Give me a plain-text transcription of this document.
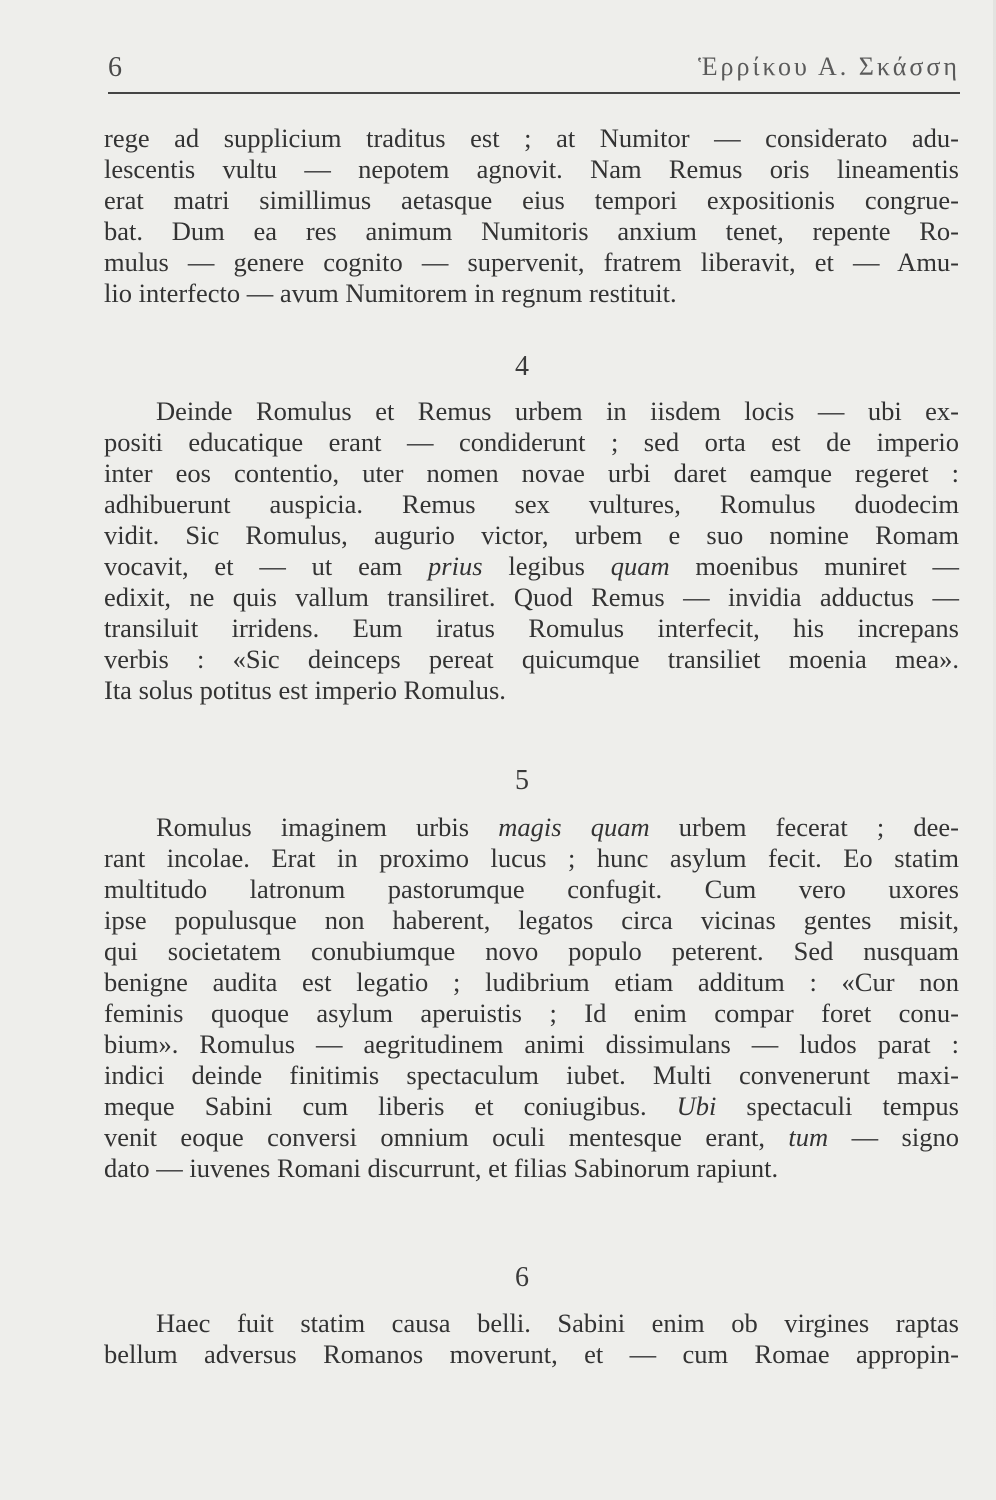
6	Ἑρρίκου Α. Σκάσση
rege ad supplicium traditus est ; at Numitor — considerato adu-
lescentis vultu — nepotem agnovit. Nam Remus oris lineamentis
erat matri simillimus aetasque eius tempori expositionis congrue-
bat. Dum ea res animum Numitoris anxium tenet, repente Ro-
mulus — genere cognito — supervenit, fratrem liberavit, et — Amu-
lio interfecto — avum Numitorem in regnum restituit.
4
Deinde Romulus et Remus urbem in iisdem locis — ubi ex-
positi educatique erant — condiderunt ; sed orta est de imperio
inter eos contentio, uter nomen novae urbi daret eamque regeret :
adhibuerunt auspicia. Remus sex vultures, Romulus duodecim
vidit. Sic Romulus, augurio victor, urbem e suo nomine Romam
vocavit, et — ut eam prius legibus quam moenibus muniret —
edixit, ne quis vallum transiliret. Quod Remus — invidia adductus —
transiluit irridens. Eum iratus Romulus interfecit, his increpans
verbis : «Sic deinceps pereat quicumque transiliet moenia mea».
Ita solus potitus est imperio Romulus.
5
Romulus imaginem urbis magis quam urbem fecerat ; dee-
rant incolae. Erat in proximo lucus ; hunc asylum fecit. Eo statim
multitudo latronum pastorumque confugit. Cum vero uxores
ipse populusque non haberent, legatos circa vicinas gentes misit,
qui societatem conubiumque novo populo peterent. Sed nusquam
benigne audita est legatio ; ludibrium etiam additum : «Cur non
feminis quoque asylum aperuistis ; Id enim compar foret conu-
bium». Romulus — aegritudinem animi dissimulans — ludos parat :
indici deinde finitimis spectaculum iubet. Multi convenerunt maxi-
meque Sabini cum liberis et coniugibus. Ubi spectaculi tempus
venit eoque conversi omnium oculi mentesque erant, tum — signo
dato — iuvenes Romani discurrunt, et filias Sabinorum rapiunt.
6
Haec fuit statim causa belli. Sabini enim ob virgines raptas
bellum adversus Romanos moverunt, et — cum Romae appropin-
